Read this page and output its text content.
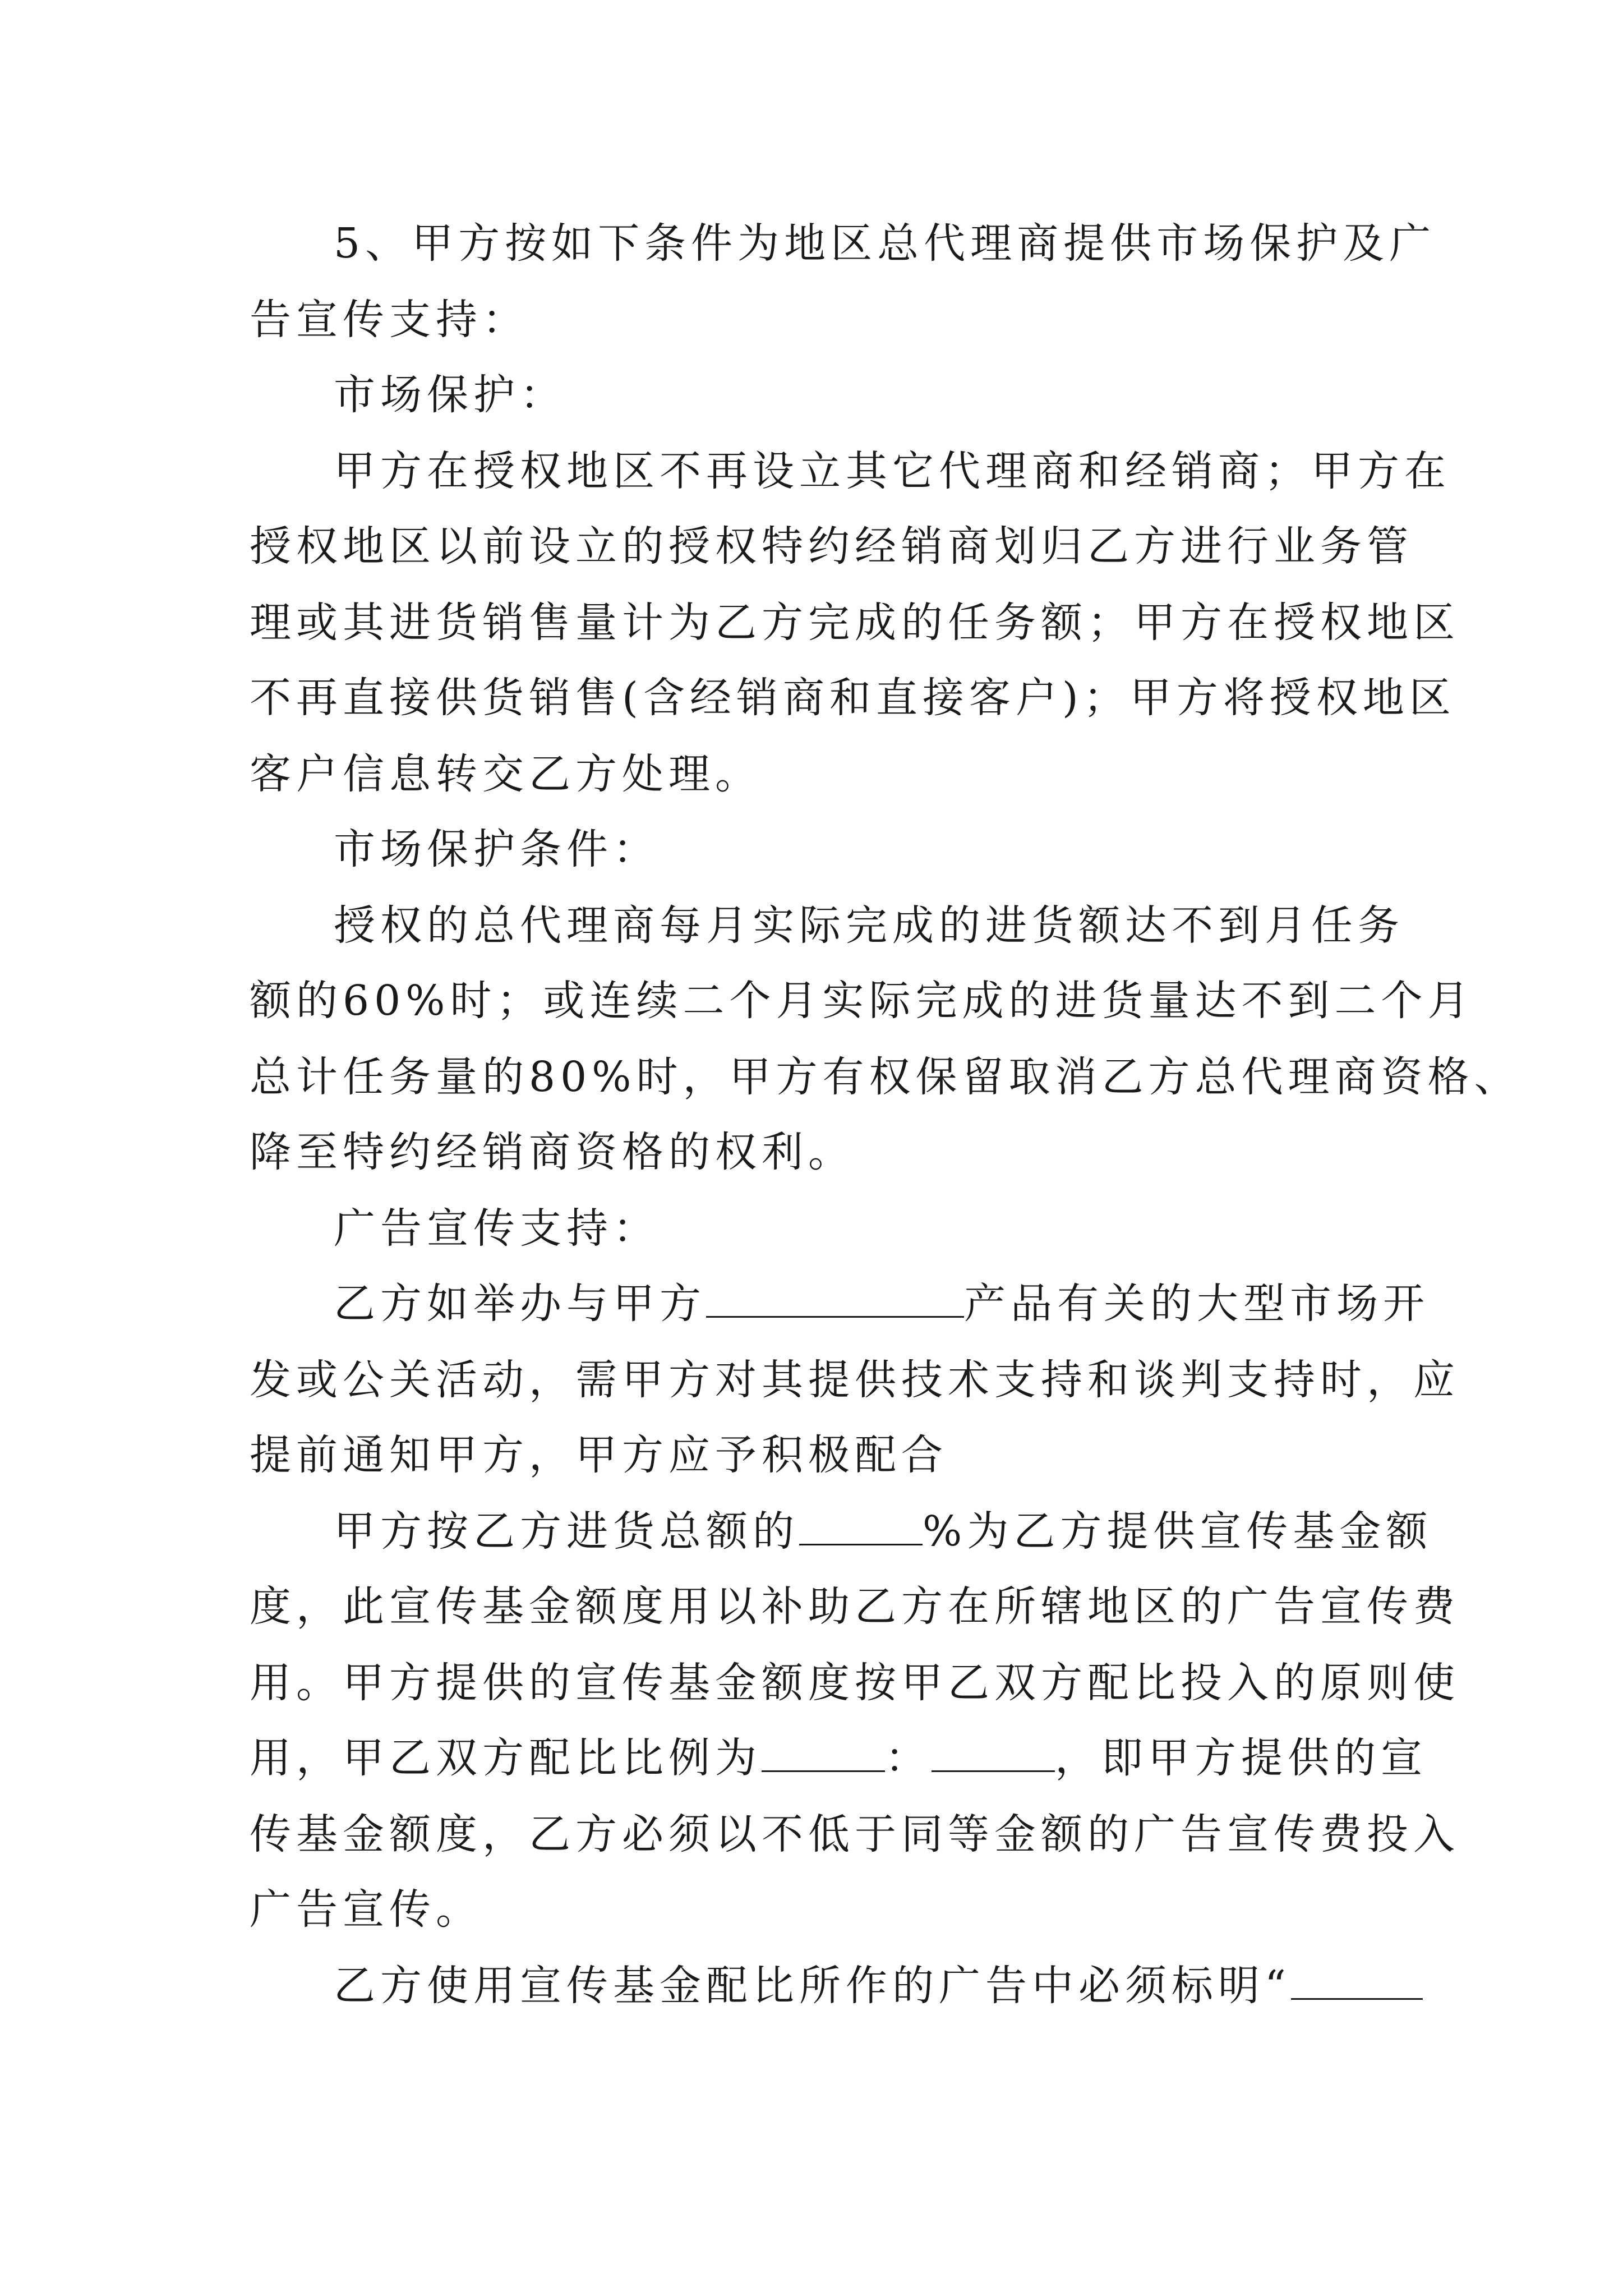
5、甲方按如下条件为地区总代理商提供市场保护及广
告宣传支持：
市场保护：
甲方在授权地区不再设立其它代理商和经销商；甲方在
授权地区以前设立的授权特约经销商划归乙方进行业务管
理或其进货销售量计为乙方完成的任务额；甲方在授权地区
不再直接供货销售(含经销商和直接客户)；甲方将授权地区
客户信息转交乙方处理。
市场保护条件：
授权的总代理商每月实际完成的进货额达不到月任务
额的60%时；或连续二个月实际完成的进货量达不到二个月
总计任务量的80%时，甲方有权保留取消乙方总代理商资格、
降至特约经销商资格的权利。
广告宣传支持：
乙方如举办与甲方	产品有关的大型市场开
发或公关活动，需甲方对其提供技术支持和谈判支持时，应
提前通知甲方，甲方应予积极配合
甲方按乙方进货总额的	%为乙方提供宣传基金额
度，此宣传基金额度用以补助乙方在所辖地区的广告宣传费
用。甲方提供的宣传基金额度按甲乙双方配比投入的原则使
用，甲乙双方配比比例为	：	，即甲方提供的宣
传基金额度，乙方必须以不低于同等金额的广告宣传费投入
广告宣传。
乙方使用宣传基金配比所作的广告中必须标明“
